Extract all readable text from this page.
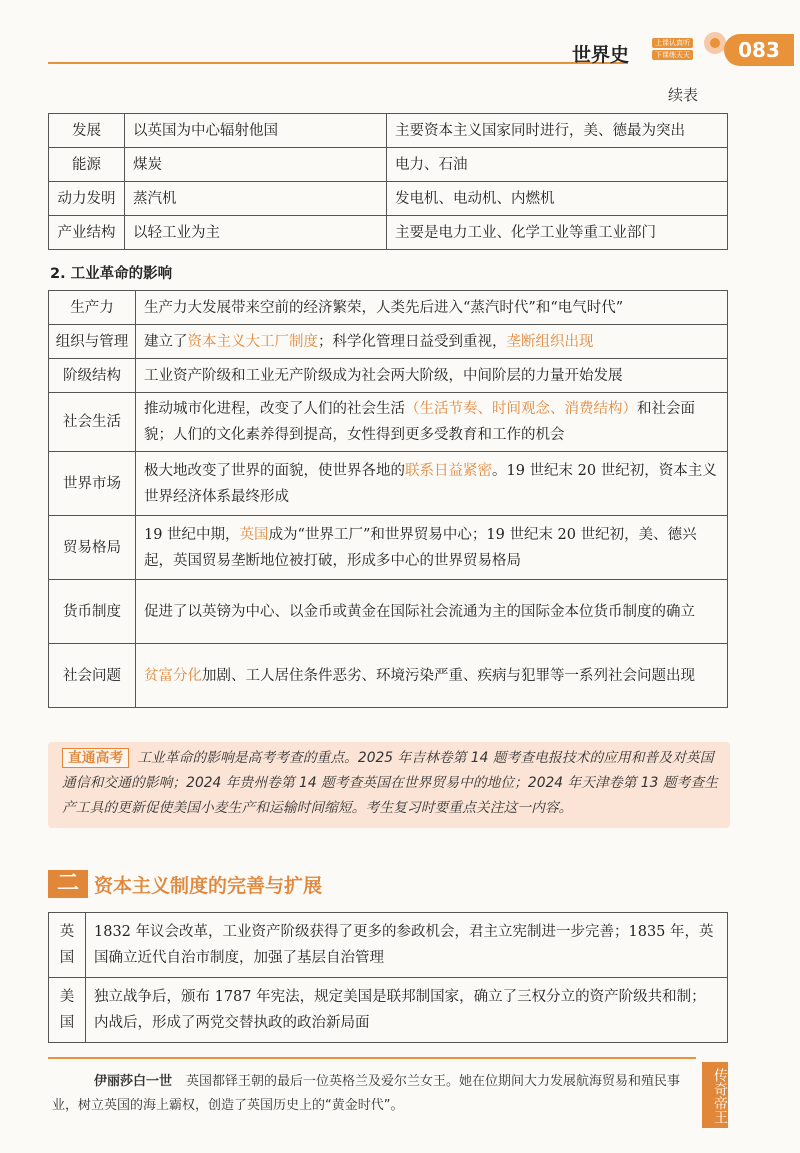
世界史
上课认真听
下课练天天	083
续表
发展	以英国为中心辐射他国	主要资本主义国家同时进行，美、德最为突出
能源	煤炭	电力、石油
动力发明	蒸汽机	发电机、电动机、内燃机
产业结构	以轻工业为主	主要是电力工业、化学工业等重工业部门
2. 工业革命的影响
生产力	生产力大发展带来空前的经济繁荣，人类先后进入“蒸汽时代”和“电气时代”
组织与管理	建立了资本主义大工厂制度；科学化管理日益受到重视，垄断组织出现
阶级结构	工业资产阶级和工业无产阶级成为社会两大阶级，中间阶层的力量开始发展
社会生活	推动城市化进程，改变了人们的社会生活（生活节奏、时间观念、消费结构）和社会面貌；人们的文化素养得到提高，女性得到更多受教育和工作的机会
世界市场	极大地改变了世界的面貌，使世界各地的联系日益紧密。19 世纪末 20 世纪初，资本主义世界经济体系最终形成
贸易格局	19 世纪中期，英国成为“世界工厂”和世界贸易中心；19 世纪末 20 世纪初，美、德兴起，英国贸易垄断地位被打破，形成多中心的世界贸易格局
货币制度	促进了以英镑为中心、以金币或黄金在国际社会流通为主的国际金本位货币制度的确立
社会问题	贫富分化加剧、工人居住条件恶劣、环境污染严重、疾病与犯罪等一系列社会问题出现
直通高考 工业革命的影响是高考考查的重点。2025 年吉林卷第 14 题考查电报技术的应用和普及对英国通信和交通的影响；2024 年贵州卷第 14 题考查英国在世界贸易中的地位；2024 年天津卷第 13 题考查生产工具的更新促使美国小麦生产和运输时间缩短。考生复习时要重点关注这一内容。
二 资本主义制度的完善与扩展
英国	1832 年议会改革，工业资产阶级获得了更多的参政机会，君主立宪制进一步完善；1835 年，英国确立近代自治市制度，加强了基层自治管理
美国	独立战争后，颁布 1787 年宪法，规定美国是联邦制国家，确立了三权分立的资产阶级共和制；内战后，形成了两党交替执政的政治新局面
伊丽莎白一世 英国都铎王朝的最后一位英格兰及爱尔兰女王。她在位期间大力发展航海贸易和殖民事业，树立英国的海上霸权，创造了英国历史上的“黄金时代”。	传奇帝王
